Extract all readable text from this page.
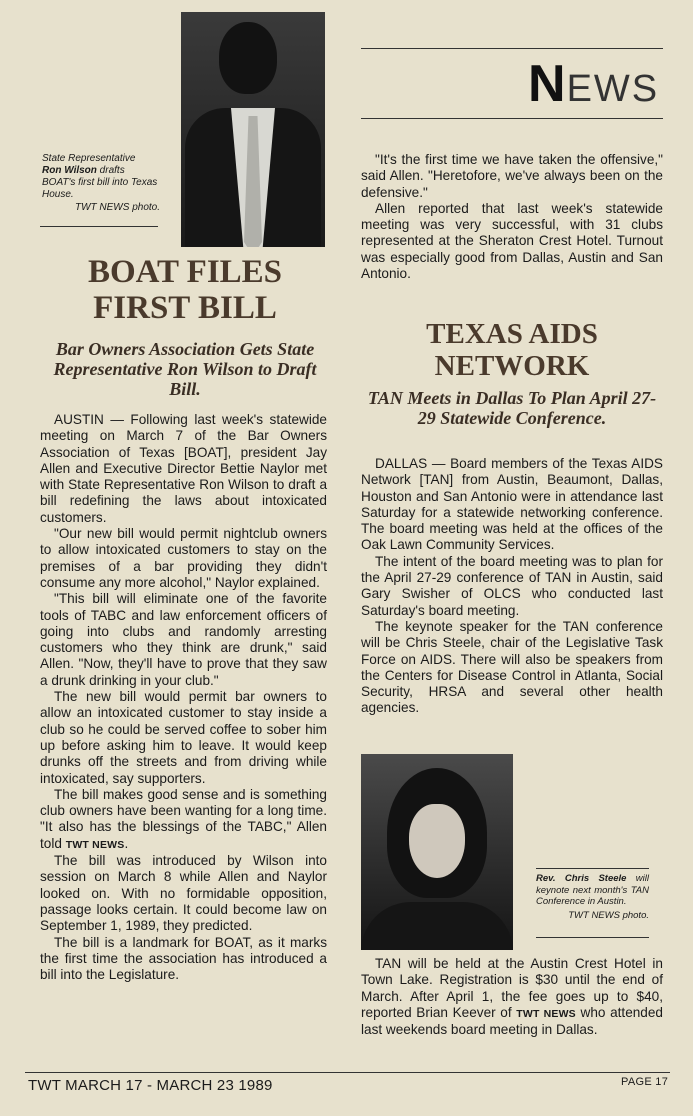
State Representative
Ron Wilson drafts BOAT's first bill into Texas House.
TWT NEWS photo.
BOAT FILES FIRST BILL
Bar Owners Association Gets State Representative Ron Wilson to Draft Bill.

AUSTIN — Following last week's statewide meeting on March 7 of the Bar Owners Association of Texas [BOAT], president Jay Allen and Executive Director Bettie Naylor met with State Representative Ron Wilson to draft a bill redefining the laws about intoxicated customers.

"Our new bill would permit nightclub owners to allow intoxicated customers to stay on the premises of a bar providing they didn't consume any more alcohol," Naylor explained.

"This bill will eliminate one of the favorite tools of TABC and law enforcement officers of going into clubs and randomly arresting customers who they think are drunk," said Allen. "Now, they'll have to prove that they saw a drunk drinking in your club."

The new bill would permit bar owners to allow an intoxicated customer to stay inside a club so he could be served coffee to sober him up before asking him to leave. It would keep drunks off the streets and from driving while intoxicated, say supporters.

The bill makes good sense and is something club owners have been wanting for a long time. "It also has the blessings of the TABC," Allen told TWT NEWS.

The bill was introduced by Wilson into session on March 8 while Allen and Naylor looked on. With no formidable opposition, passage looks certain. It could become law on September 1, 1989, they predicted.

The bill is a landmark for BOAT, as it marks the first time the association has introduced a bill into the Legislature.

NEWS

"It's the first time we have taken the offensive," said Allen. "Heretofore, we've always been on the defensive."

Allen reported that last week's statewide meeting was very successful, with 31 clubs represented at the Sheraton Crest Hotel. Turnout was especially good from Dallas, Austin and San Antonio.

TEXAS AIDS NETWORK
TAN Meets in Dallas To Plan April 27-29 Statewide Conference.

DALLAS — Board members of the Texas AIDS Network [TAN] from Austin, Beaumont, Dallas, Houston and San Antonio were in attendance last Saturday for a statewide networking conference. The board meeting was held at the offices of the Oak Lawn Community Services.

The intent of the board meeting was to plan for the April 27-29 conference of TAN in Austin, said Gary Swisher of OLCS who conducted last Saturday's board meeting.

The keynote speaker for the TAN conference will be Chris Steele, chair of the Legislative Task Force on AIDS. There will also be speakers from the Centers for Disease Control in Atlanta, Social Security, HRSA and several other health agencies.

Rev. Chris Steele will keynote next month's TAN Conference in Austin.
TWT NEWS photo.

TAN will be held at the Austin Crest Hotel in Town Lake. Registration is $30 until the end of March. After April 1, the fee goes up to $40, reported Brian Keever of TWT NEWS who attended last weekends board meeting in Dallas.

TWT MARCH 17 - MARCH 23 1989	PAGE 17
